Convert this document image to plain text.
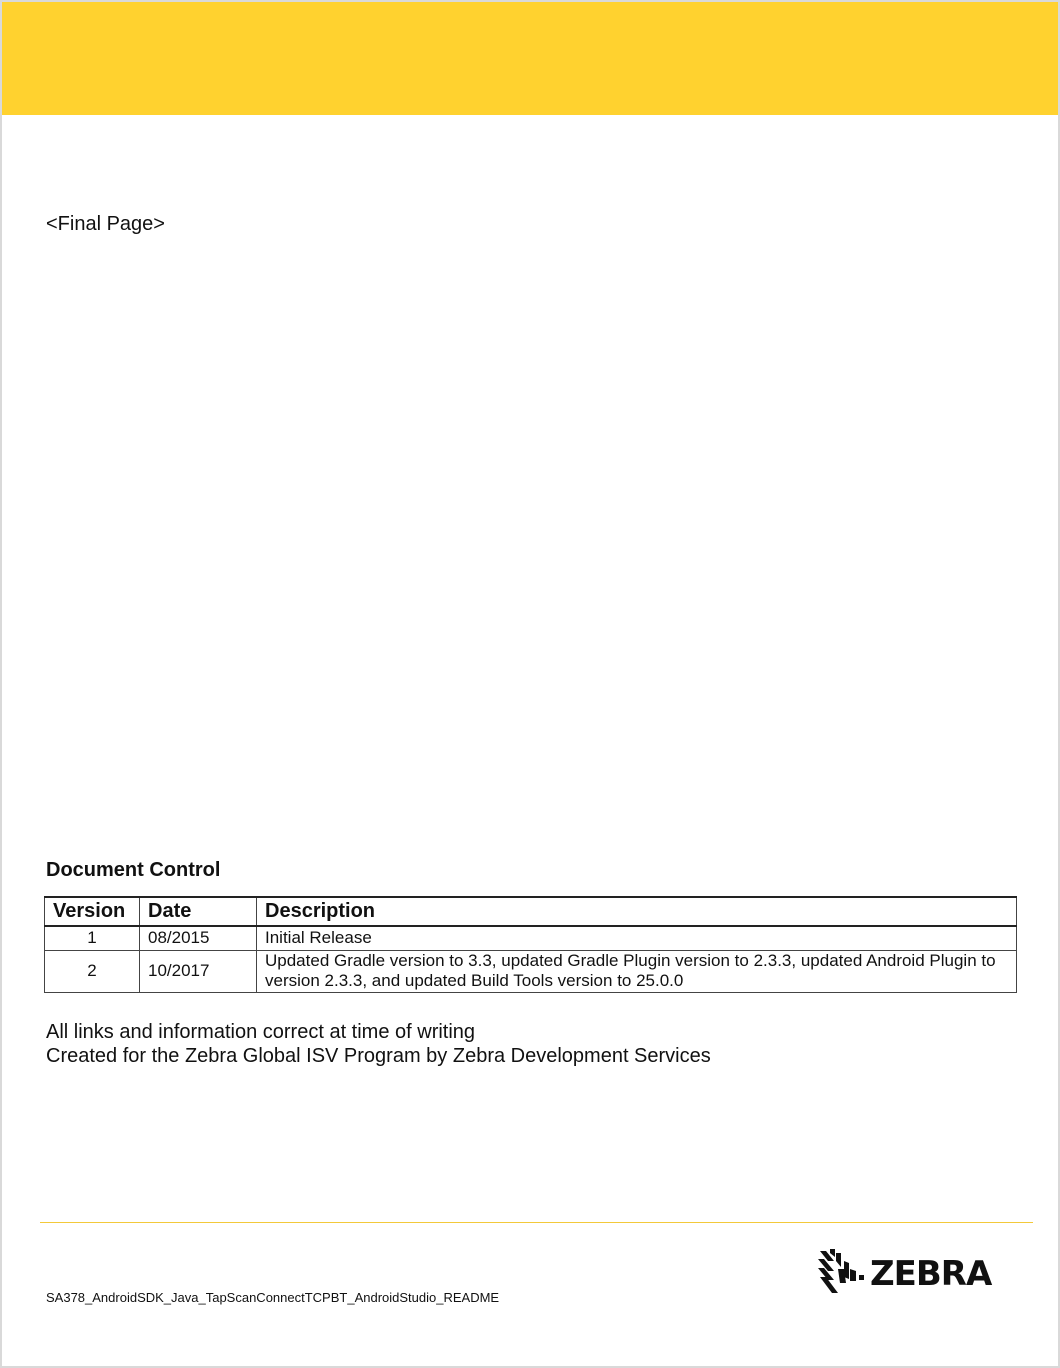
<Final Page>
Document Control
Version	Date	Description
1	08/2015	Initial Release
2	10/2017	Updated Gradle version to 3.3, updated Gradle Plugin version to 2.3.3, updated Android Plugin to version 2.3.3, and updated Build Tools version to 25.0.0
All links and information correct at time of writing
Created for the Zebra Global ISV Program by Zebra Development Services
SA378_AndroidSDK_Java_TapScanConnectTCPBT_AndroidStudio_README
ZEBRA
